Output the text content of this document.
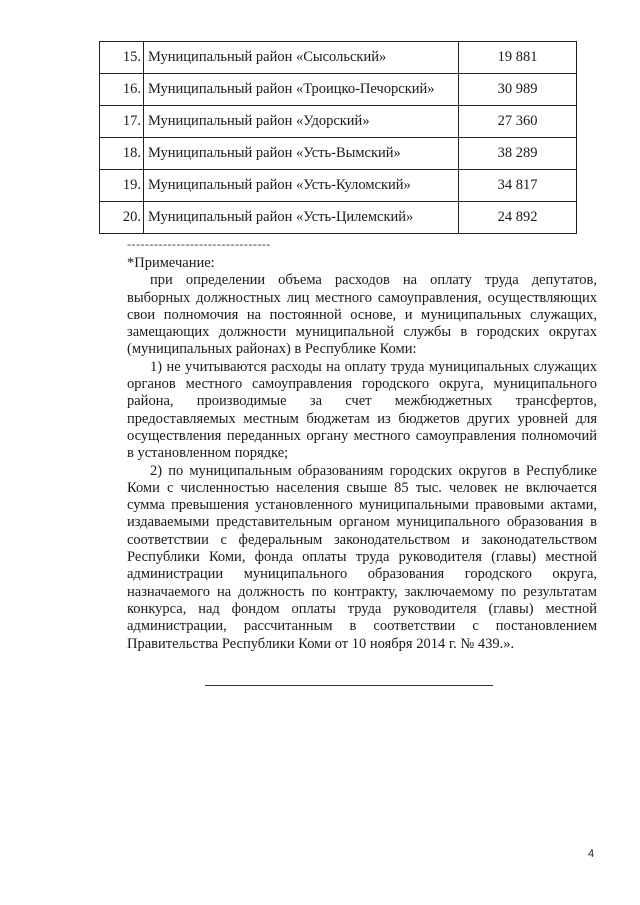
15.	Муниципальный район «Сысольский»	19 881
16.	Муниципальный район «Троицко-Печорский»	30 989
17.	Муниципальный район «Удорский»	27 360
18.	Муниципальный район «Усть-Вымский»	38 289
19.	Муниципальный район «Усть-Куломский»	34 817
20.	Муниципальный район «Усть-Цилемский»	24 892
--------------------------------

*Примечание:

при определении объема расходов на оплату труда депутатов, выборных должностных лиц местного самоуправления, осуществляющих свои полномочия на постоянной основе, и муниципальных служащих, замещающих должности муниципальной службы в городских округах (муниципальных районах) в Республике Коми:

1) не учитываются расходы на оплату труда муниципальных служащих органов местного самоуправления городского округа, муниципального района, производимые за счет межбюджетных трансфертов, предоставляемых местным бюджетам из бюджетов других уровней для осуществления переданных органу местного самоуправления полномочий в установленном порядке;

2) по муниципальным образованиям городских округов в Республике Коми с численностью населения свыше 85 тыс. человек не включается сумма превышения установленного муниципальными правовыми актами, издаваемыми представительным органом муниципального образования в соответствии с федеральным законодательством и законодательством Республики Коми, фонда оплаты труда руководителя (главы) местной администрации муниципального образования городского округа, назначаемого на должность по контракту, заключаемому по результатам конкурса, над фондом оплаты труда руководителя (главы) местной администрации, рассчитанным в соответствии с постановлением Правительства Республики Коми от 10 ноября 2014 г. № 439.».

4
